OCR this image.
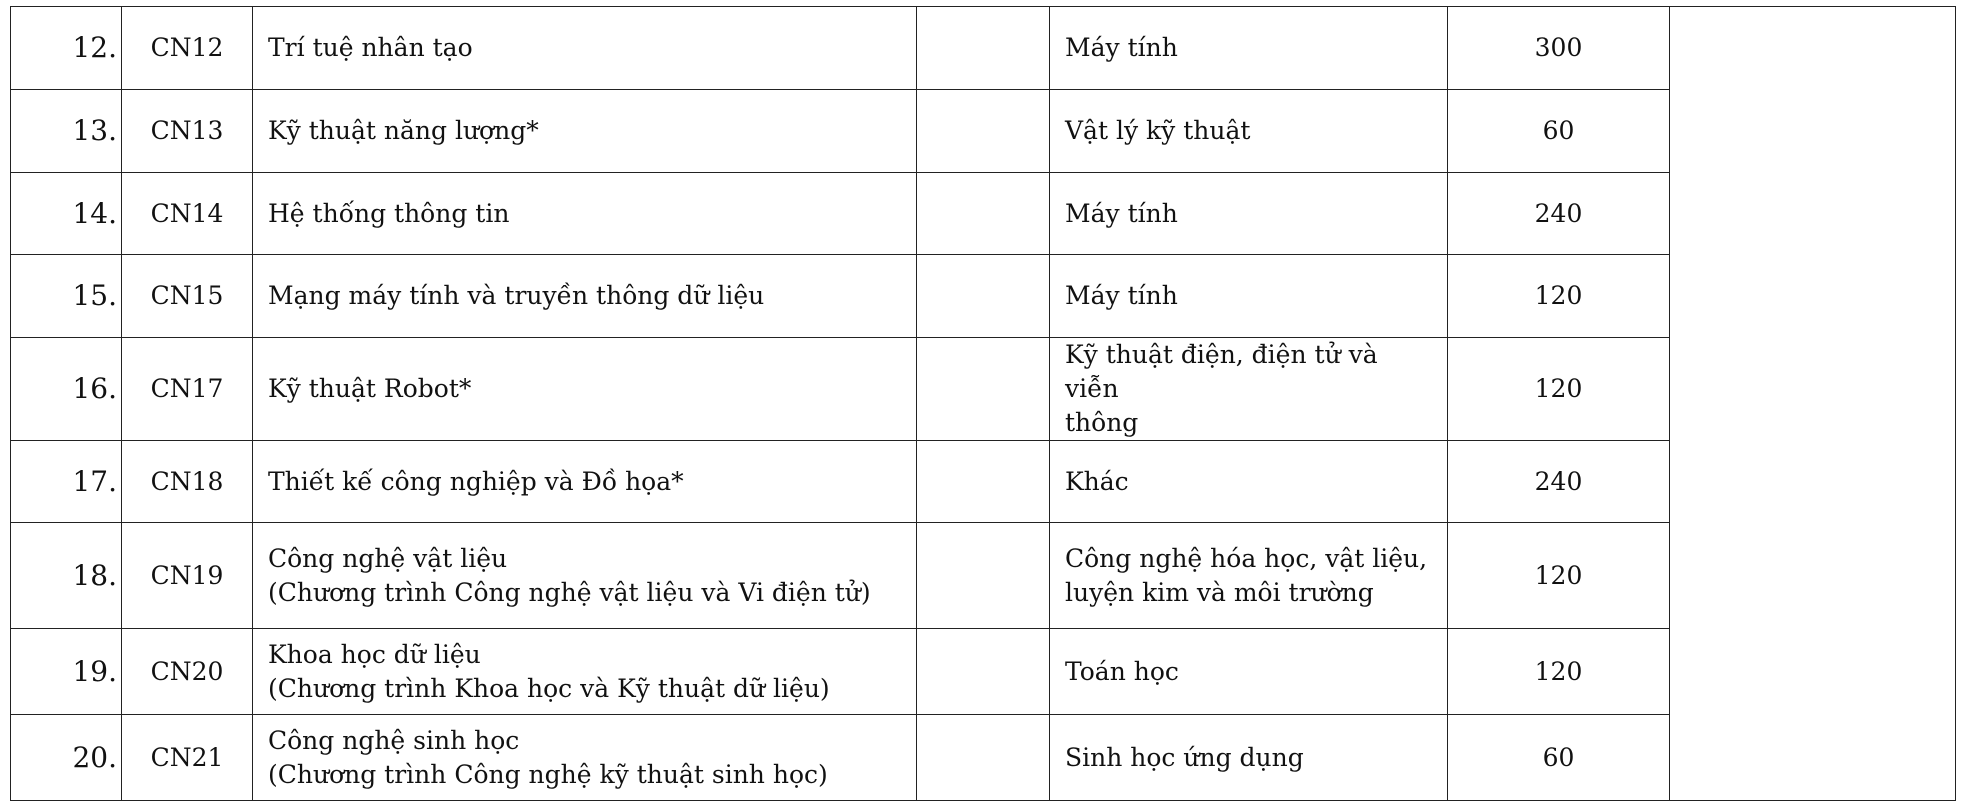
12.	CN12	Trí tuệ nhân tạo		Máy tính	300	
13.	CN13	Kỹ thuật năng lượng*		Vật lý kỹ thuật	60	
14.	CN14	Hệ thống thông tin		Máy tính	240	
15.	CN15	Mạng máy tính và truyền thông dữ liệu		Máy tính	120	
16.	CN17	Kỹ thuật Robot*		Kỹ thuật điện, điện tử và viễn
thông	120	
17.	CN18	Thiết kế công nghiệp và Đồ họa*		Khác	240	
18.	CN19	Công nghệ vật liệu
(Chương trình Công nghệ vật liệu và Vi điện tử)		Công nghệ hóa học, vật liệu,
luyện kim và môi trường	120	
19.	CN20	Khoa học dữ liệu
(Chương trình Khoa học và Kỹ thuật dữ liệu)		Toán học	120	
20.	CN21	Công nghệ sinh học
(Chương trình Công nghệ kỹ thuật sinh học)		Sinh học ứng dụng	60	
